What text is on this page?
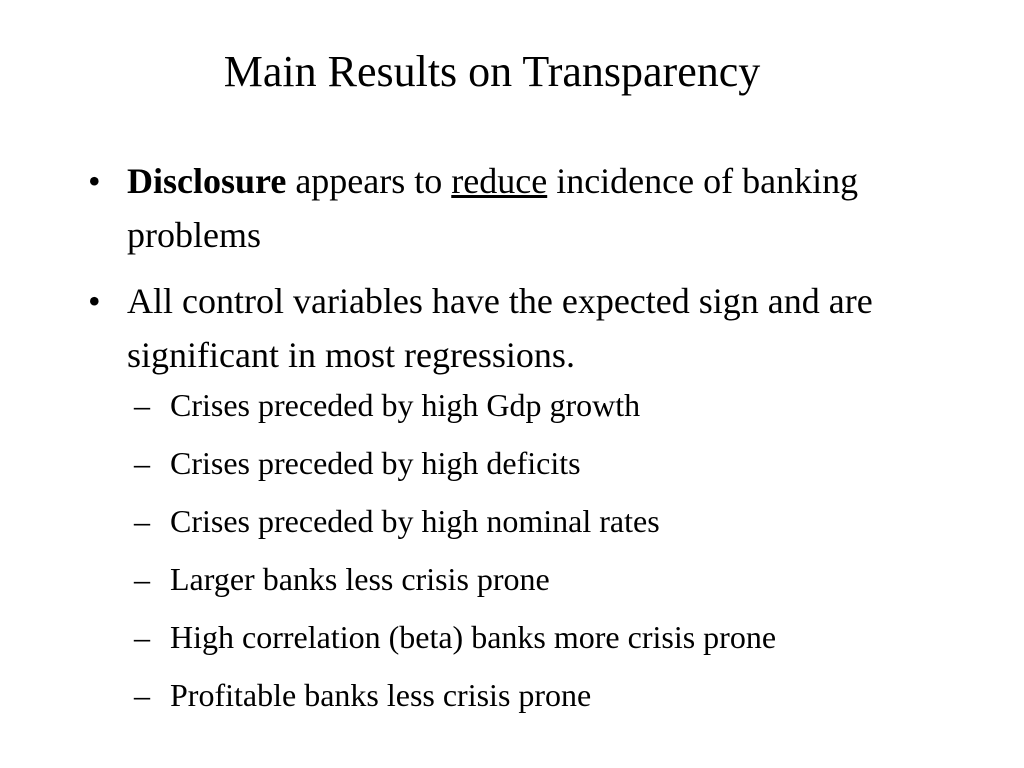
Main Results on Transparency
• Disclosure appears to reduce incidence of banking problems
• All control variables have the expected sign and are significant in most regressions.
– Crises preceded by high Gdp growth
– Crises preceded by high deficits
– Crises preceded by high nominal rates
– Larger banks less crisis prone
– High correlation (beta) banks more crisis prone
– Profitable banks less crisis prone
